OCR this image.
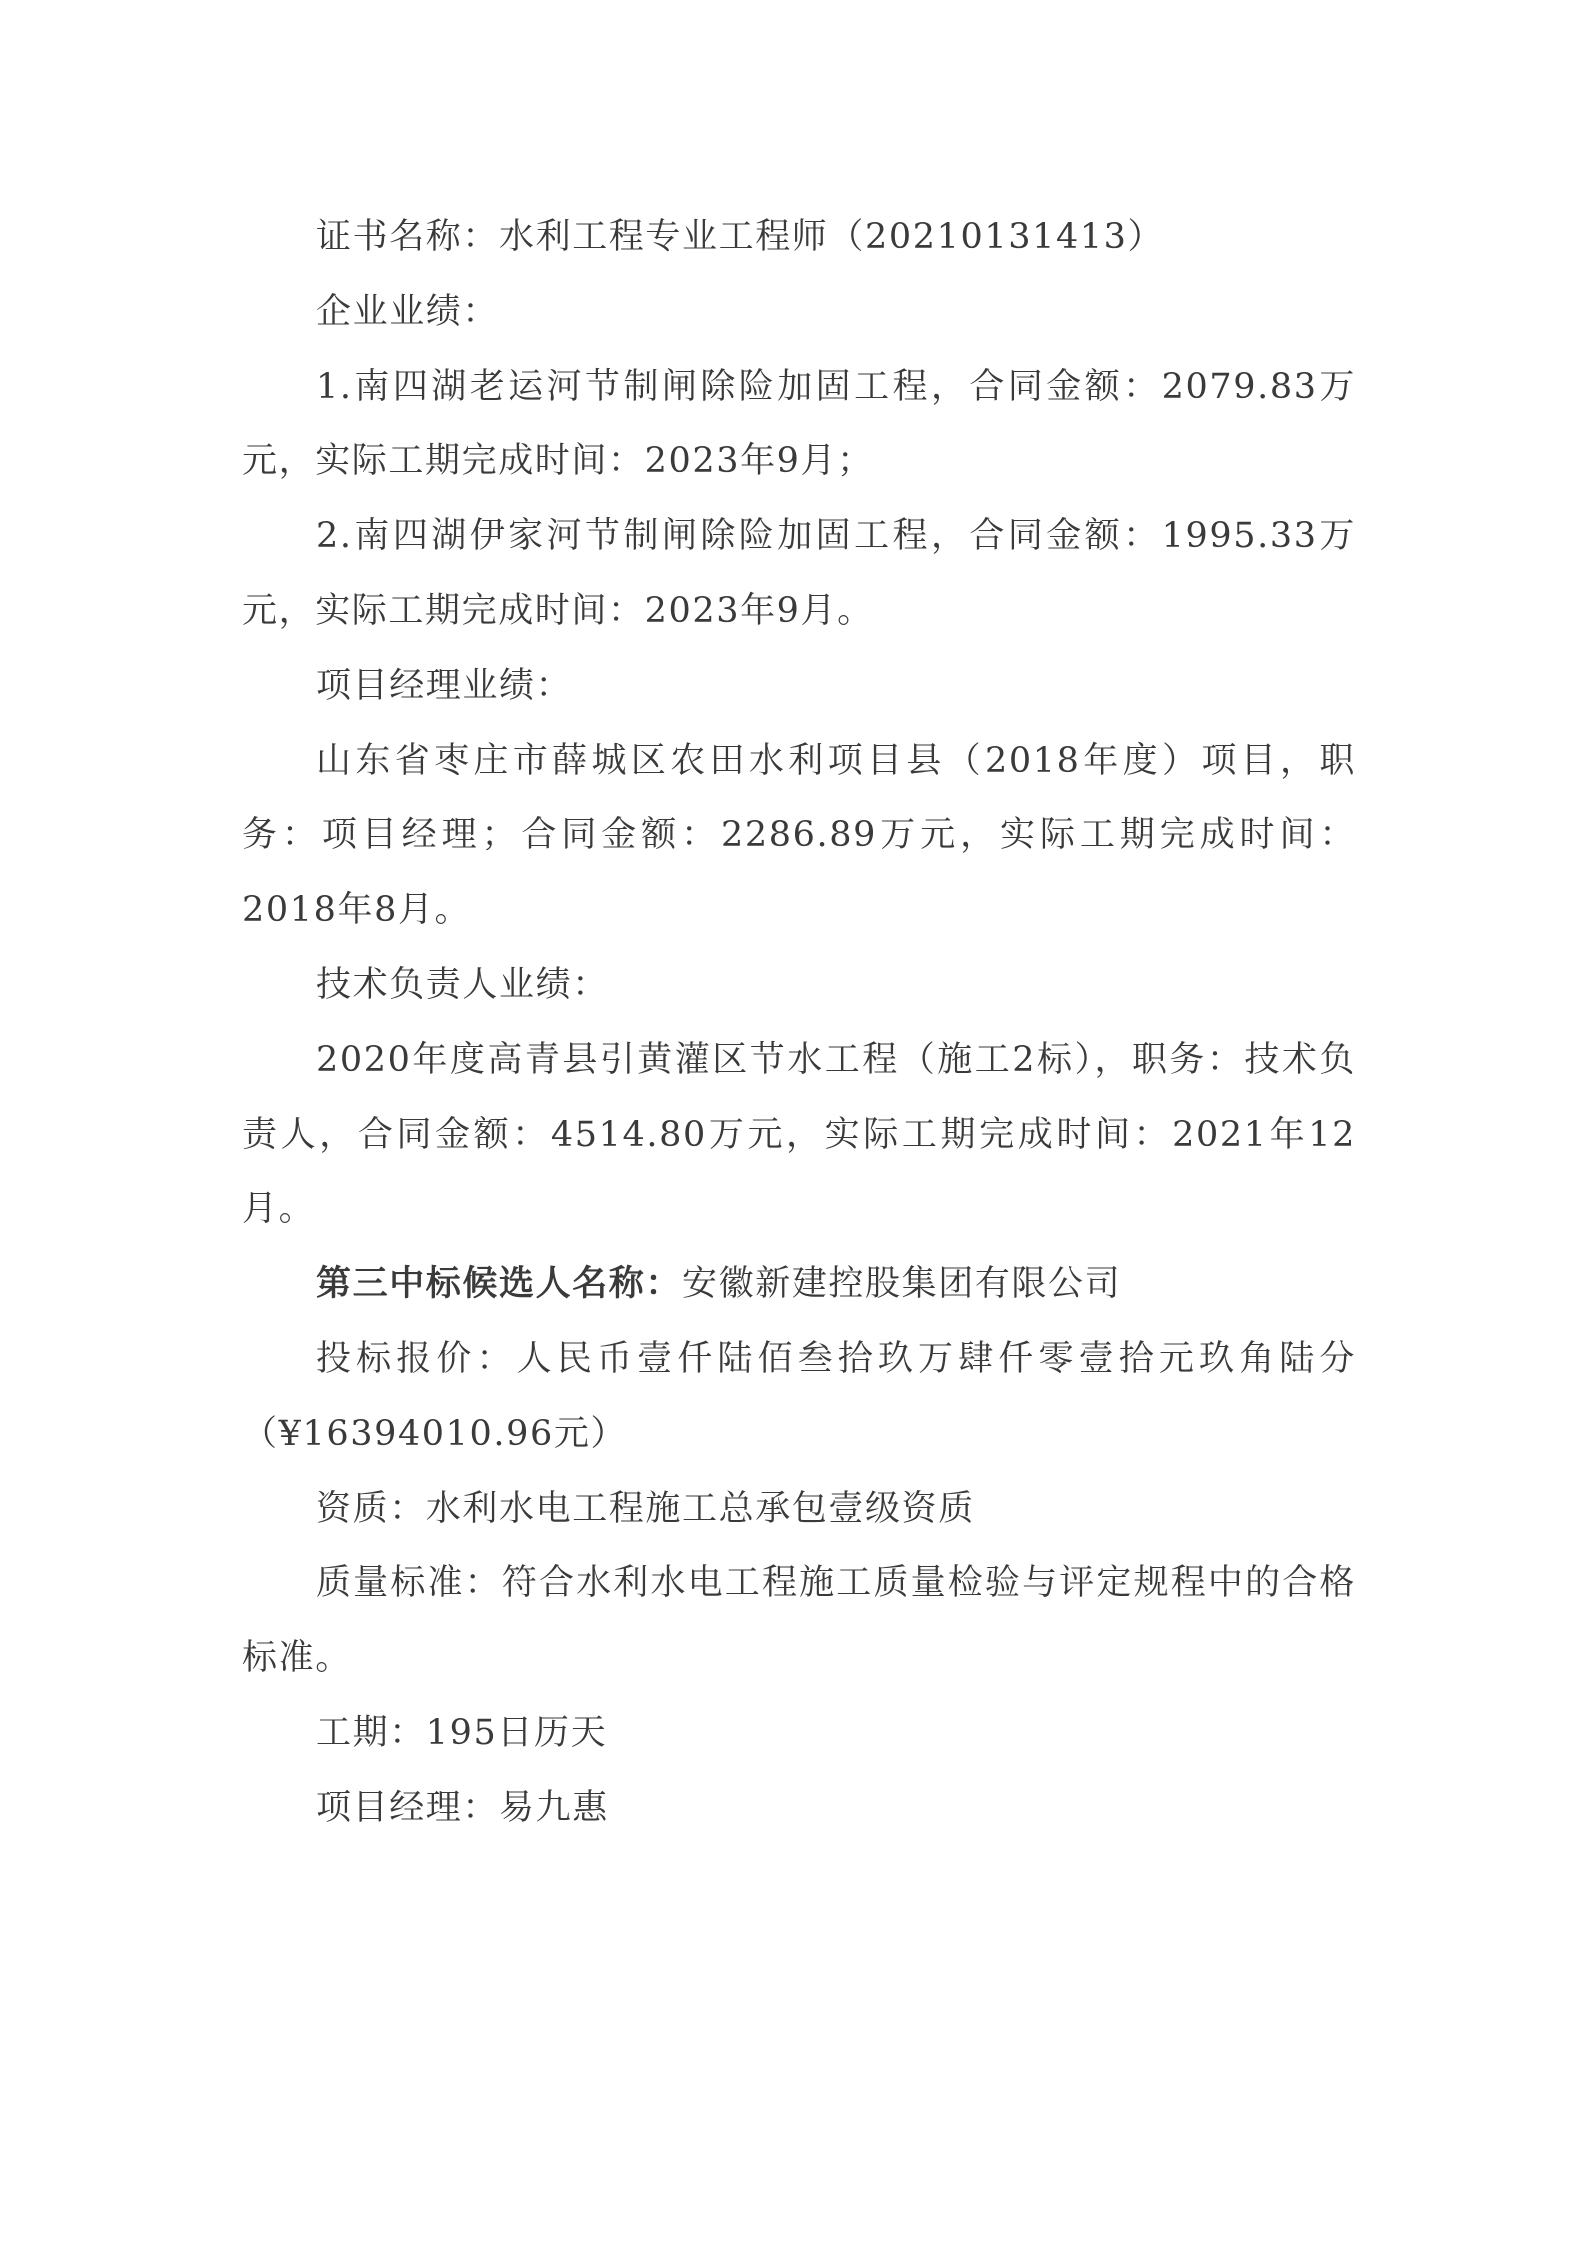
证书名称：水利工程专业工程师（20210131413）

企业业绩：

1.南四湖老运河节制闸除险加固工程，合同金额：2079.83万元，实际工期完成时间：2023年9月；

2.南四湖伊家河节制闸除险加固工程，合同金额：1995.33万元，实际工期完成时间：2023年9月。

项目经理业绩：

山东省枣庄市薛城区农田水利项目县（2018年度）项目，职务：项目经理；合同金额：2286.89万元，实际工期完成时间：2018年8月。

技术负责人业绩：

2020年度高青县引黄灌区节水工程（施工2标），职务：技术负责人，合同金额：4514.80万元，实际工期完成时间：2021年12月。

第三中标候选人名称：安徽新建控股集团有限公司

投标报价：人民币壹仟陆佰叁拾玖万肆仟零壹拾元玖角陆分（¥16394010.96元）

资质：水利水电工程施工总承包壹级资质

质量标准：符合水利水电工程施工质量检验与评定规程中的合格标准。

工期：195日历天

项目经理：易九惠
